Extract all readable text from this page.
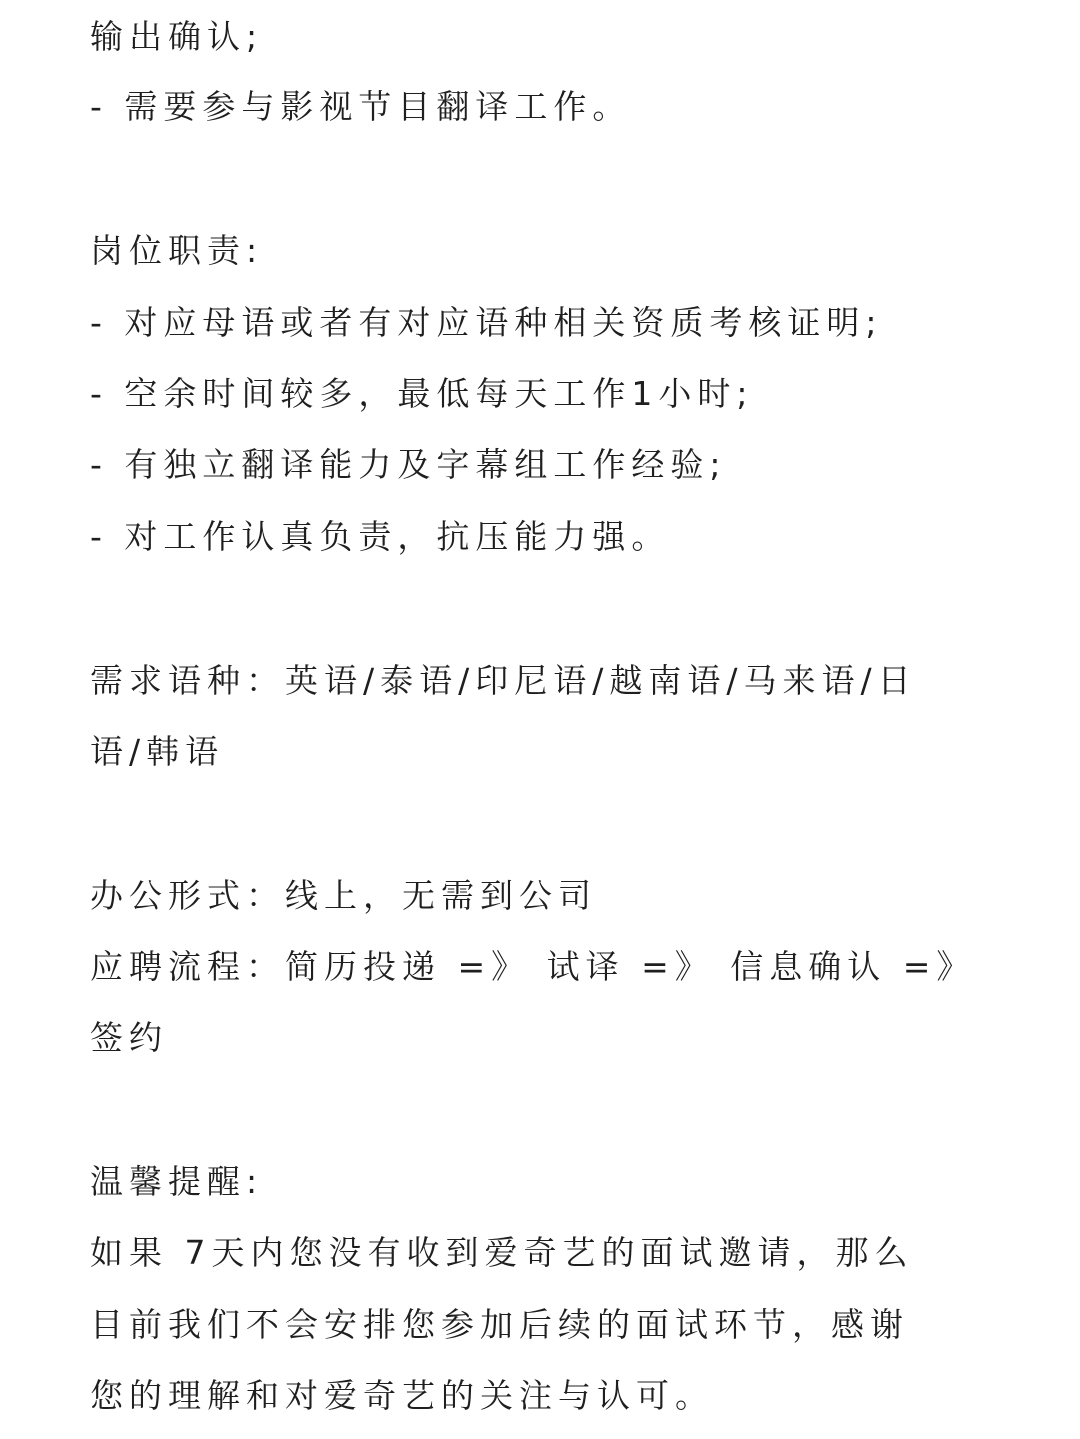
输出确认;
- 需要参与影视节目翻译工作。
岗位职责:
- 对应母语或者有对应语种相关资质考核证明;
- 空余时间较多，最低每天工作1小时;
- 有独立翻译能力及字幕组工作经验;
- 对工作认真负责，抗压能力强。
需求语种：英语/泰语/印尼语/越南语/马来语/日
语/韩语
办公形式：线上，无需到公司
应聘流程：简历投递 =》 试译 =》 信息确认 =》
签约
温馨提醒:
如果 7天内您没有收到爱奇艺的面试邀请，那么
目前我们不会安排您参加后续的面试环节，感谢
您的理解和对爱奇艺的关注与认可。
